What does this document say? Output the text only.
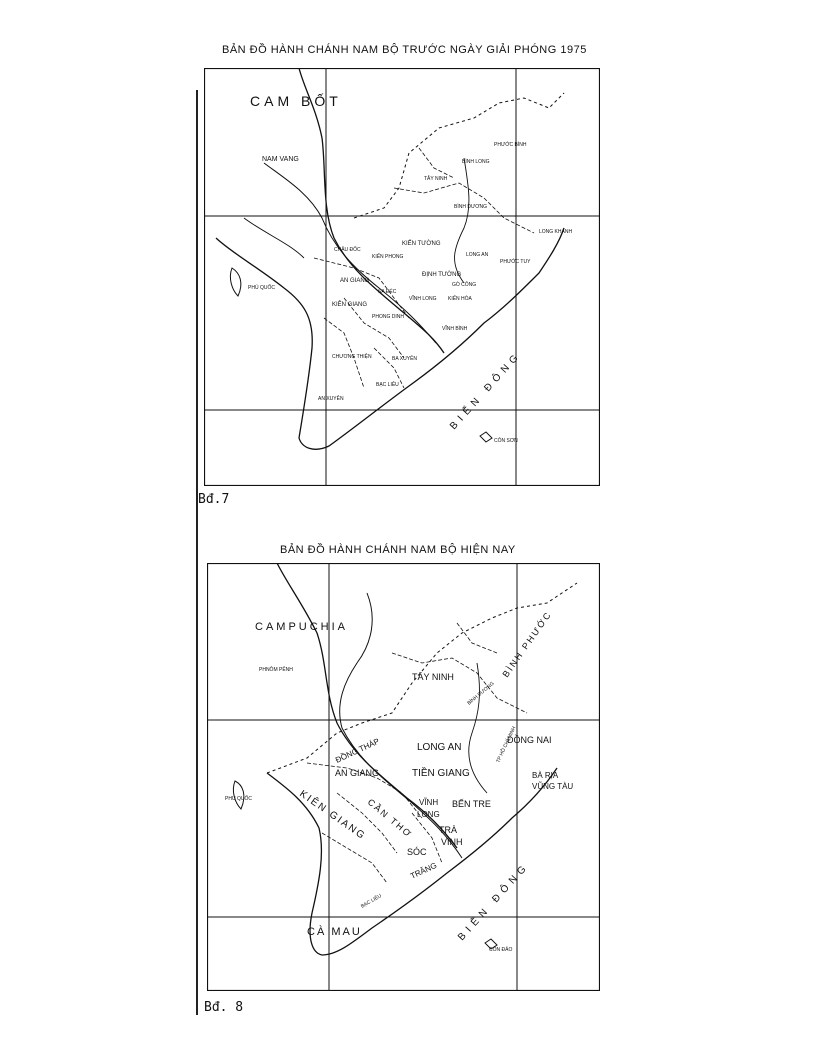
BẢN ĐỒ HÀNH CHÁNH NAM BỘ TRƯỚC NGÀY GIẢI PHÓNG 1975
CAM BỐT
NAM VANG
PHÚ QUỐC
TÂY NINH
BÌNH LONG
PHƯỚC BÌNH
BÌNH DƯƠNG
LONG KHÁNH
KIẾN TƯỜNG
CHÂU ĐỐC
KIẾN PHONG
AN GIANG
ĐỊNH TƯỜNG
GÒ CÔNG
PHƯỚC TUY
LONG AN
SA ĐÉC
VĨNH LONG KIẾN HÒA
KIÊN GIANG
PHONG DINH
VĨNH BÌNH
CHƯƠNG THIỆN	BA XUYÊN
BẠC LIÊU
AN XUYÊN	BIỂN ĐÔNG
CÔN SƠN
Bđ.7
BẢN ĐỒ HÀNH CHÁNH NAM BỘ HIỆN NAY
CAMPUCHIA
PHNÔM PÊNH
PHÚ QUỐC
TÂY NINH	BÌNH PHƯỚC
BÌNH DƯƠNG
TP HỒ CHÍ MINH
ĐỒNG NAI
BÀ RỊA
VŨNG TÀU
ĐỒNG THÁP	LONG AN
AN GIANG	TIỀN GIANG
KIÊN GIANG
CẦN THƠ VĨNH
LONG
BẾN TRE
TRÀ
VINH
SÓC
TRĂNG
BẠC LIÊU
CÀ MAU	BIỂN ĐÔNG
CÔN ĐẢO
Bđ. 8
